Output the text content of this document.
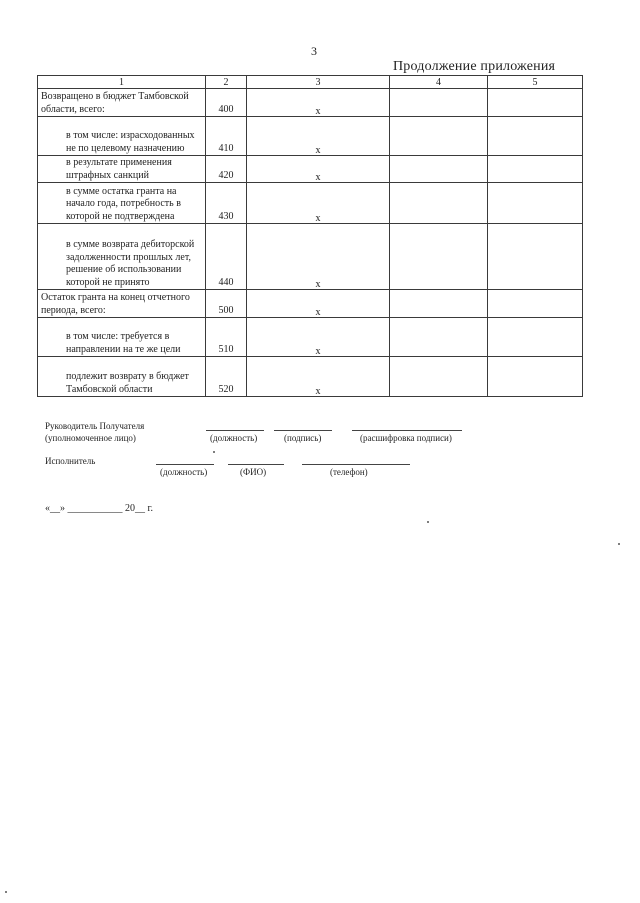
3
Продолжение приложения
1	2	3	4	5
Возвращено в бюджет Тамбовской области, всего:	400	x		
в том числе: израсходованных не по целевому назначению	410	x		
в результате применения штрафных санкций	420	x		
в сумме остатка гранта на начало года, потребность в которой не подтверждена	430	x		
в сумме возврата дебиторской задолженности прошлых лет, решение об использовании которой не принято	440	x		
Остаток гранта на конец отчетного периода, всего:	500	x		
в том числе: требуется в направлении на те же цели	510	x		
подлежит возврату в бюджет Тамбовской области	520	x		
Руководитель Получателя
(уполномоченное лицо)	(должность)	(подпись)	(расшифровка подписи)
Исполнитель
(должность)	(ФИО)	(телефон)
«__» ___________ 20__ г.
